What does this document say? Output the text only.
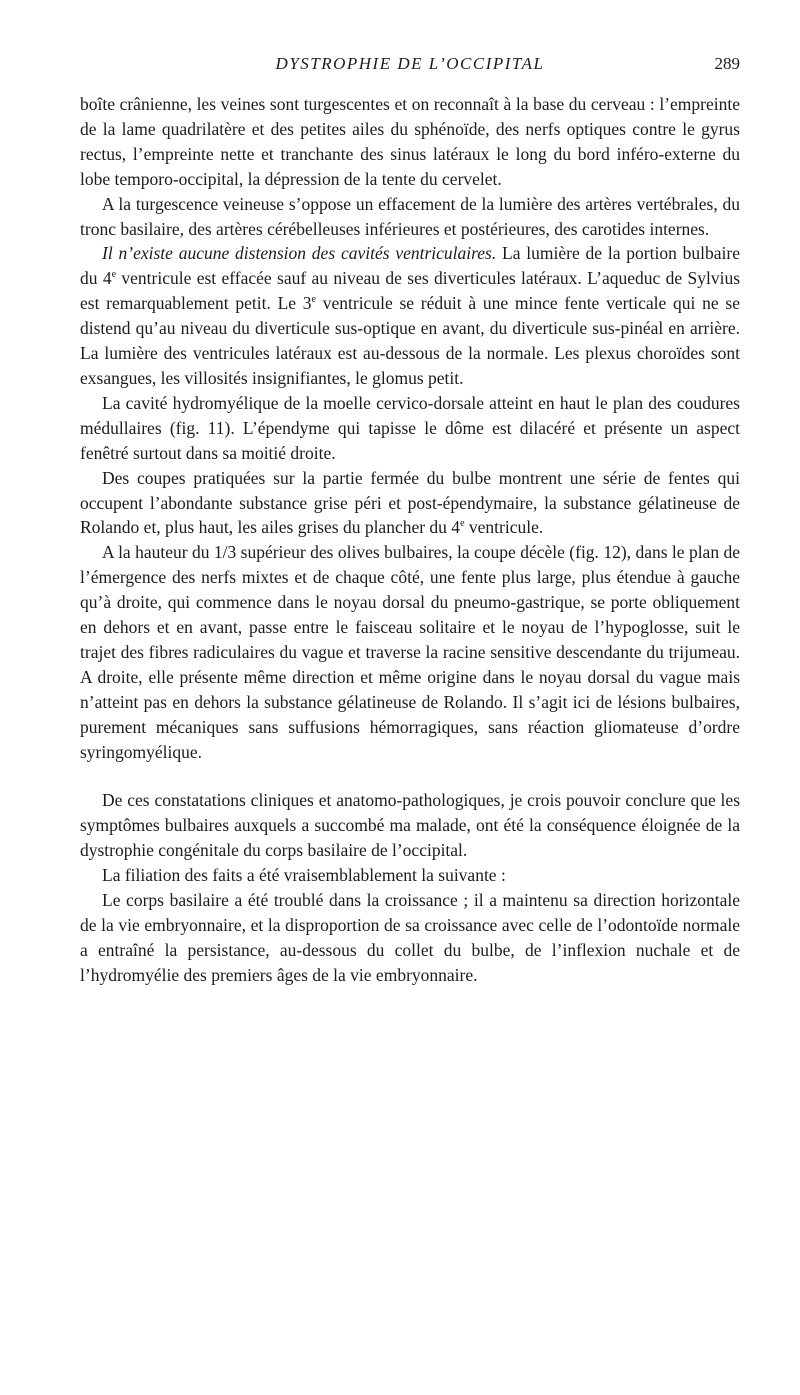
DYSTROPHIE DE L’OCCIPITAL	289

boîte crânienne, les veines sont turgescentes et on reconnaît à la base du cerveau : l’empreinte de la lame quadrilatère et des petites ailes du sphénoïde, des nerfs optiques contre le gyrus rectus, l’empreinte nette et tranchante des sinus latéraux le long du bord inféro-externe du lobe temporo-occipital, la dépression de la tente du cervelet.

A la turgescence veineuse s’oppose un effacement de la lumière des artères vertébrales, du tronc basilaire, des artères cérébelleuses inférieures et postérieures, des carotides internes.

Il n’existe aucune distension des cavités ventriculaires. La lumière de la portion bulbaire du 4e ventricule est effacée sauf au niveau de ses diverticules latéraux. L’aqueduc de Sylvius est remarquablement petit. Le 3e ventricule se réduit à une mince fente verticale qui ne se distend qu’au niveau du diverticule sus-optique en avant, du diverticule sus-pinéal en arrière. La lumière des ventricules latéraux est au-dessous de la normale. Les plexus choroïdes sont exsangues, les villosités insignifiantes, le glomus petit.

La cavité hydromyélique de la moelle cervico-dorsale atteint en haut le plan des coudures médullaires (fig. 11). L’épendyme qui tapisse le dôme est dilacéré et présente un aspect fenêtré surtout dans sa moitié droite.

Des coupes pratiquées sur la partie fermée du bulbe montrent une série de fentes qui occupent l’abondante substance grise péri et post-épendymaire, la substance gélatineuse de Rolando et, plus haut, les ailes grises du plancher du 4e ventricule.

A la hauteur du 1/3 supérieur des olives bulbaires, la coupe décèle (fig. 12), dans le plan de l’émergence des nerfs mixtes et de chaque côté, une fente plus large, plus étendue à gauche qu’à droite, qui commence dans le noyau dorsal du pneumo-gastrique, se porte obliquement en dehors et en avant, passe entre le faisceau solitaire et le noyau de l’hypoglosse, suit le trajet des fibres radiculaires du vague et traverse la racine sensitive descendante du trijumeau. A droite, elle présente même direction et même origine dans le noyau dorsal du vague mais n’atteint pas en dehors la substance gélatineuse de Rolando. Il s’agit ici de lésions bulbaires, purement mécaniques sans suffusions hémorragiques, sans réaction gliomateuse d’ordre syringomyélique.

De ces constatations cliniques et anatomo-pathologiques, je crois pouvoir conclure que les symptômes bulbaires auxquels a succombé ma malade, ont été la conséquence éloignée de la dystrophie congénitale du corps basilaire de l’occipital.

La filiation des faits a été vraisemblablement la suivante :

Le corps basilaire a été troublé dans la croissance ; il a maintenu sa direction horizontale de la vie embryonnaire, et la disproportion de sa croissance avec celle de l’odontoïde normale a entraîné la persistance, au-dessous du collet du bulbe, de l’inflexion nuchale et de l’hydromyélie des premiers âges de la vie embryonnaire.
